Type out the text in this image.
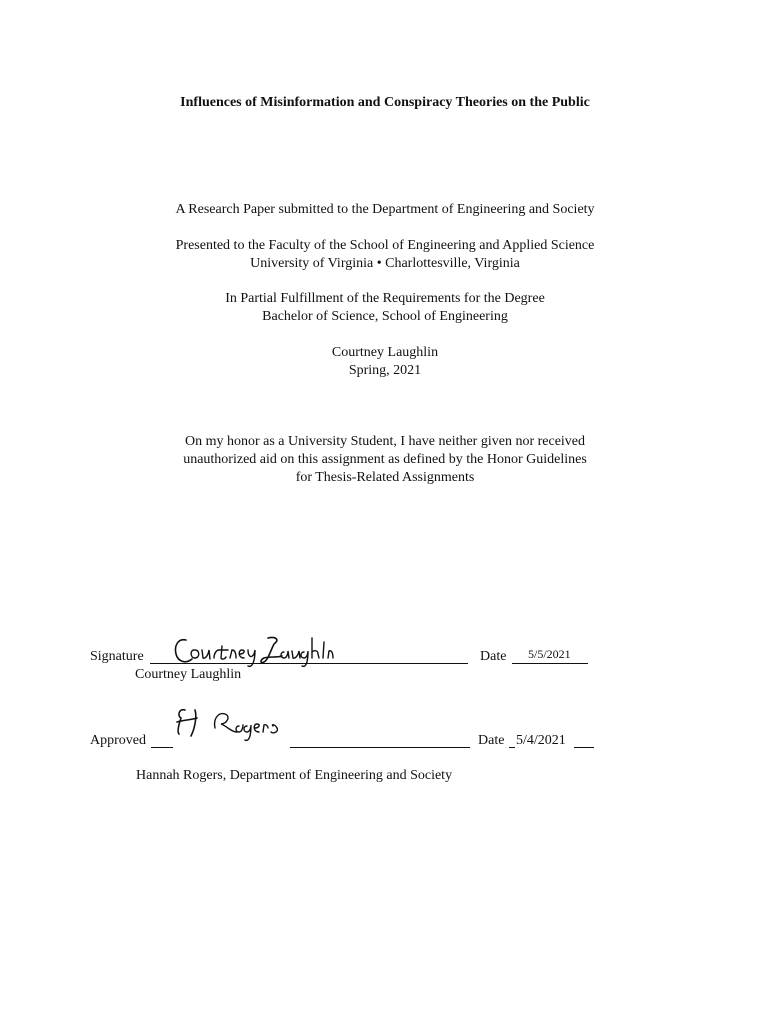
Influences of Misinformation and Conspiracy Theories on the Public
A Research Paper submitted to the Department of Engineering and Society
Presented to the Faculty of the School of Engineering and Applied Science
University of Virginia • Charlottesville, Virginia
In Partial Fulfillment of the Requirements for the Degree
Bachelor of Science, School of Engineering
Courtney Laughlin
Spring, 2021
On my honor as a University Student, I have neither given nor received
unauthorized aid on this assignment as defined by the Honor Guidelines
for Thesis-Related Assignments
Signature	Date 5/5/2021
Courtney Laughlin
Approved	Date 5/4/2021
Hannah Rogers, Department of Engineering and Society
